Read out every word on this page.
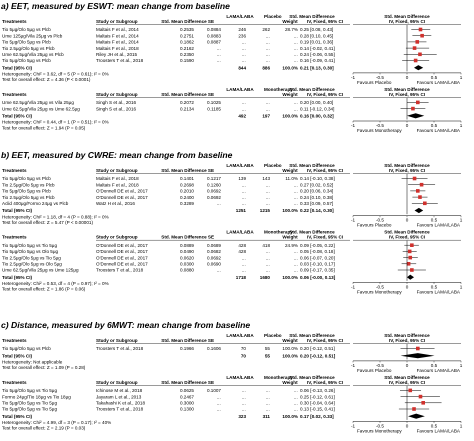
a) EET, measured by ESWT: mean change from baseline
LAMA/LABA Placebo Std. Mean Difference	Std. Mean Difference
Treatments	Study or Subgroup	Std. Mean Difference SE	Weight IV, Fixed, 95% CI	IV, Fixed, 95% CI
Tio 5μg/Olo 5μg vs Plcb	Maltais F et al., 2014	0.2535	0.0884	246	262	28.7% 0.25 [0.08, 0.43]
Ume 125μg/Vila 25μg vs Plcb	Maltais F et al., 2014	0.2751	0.0883	236	…	… 0.28 [0.10, 0.45]
Tio 5μg/Olo 5μg vs Plcb	Maltais F et al., 2014	0.1862	0.0887	…	…	… 0.19 [0.01, 0.36]
Tio 2.5μg/Olo 5μg vs Plcb	Maltais F et al., 2018	0.2162	…	…	…	… 0.14 [-0.02, 0.41]
Ume 62.5μg/Vila 25μg vs Plcb	Riley JH et al., 2015	0.2350	…	…	…	… 0.24 [-0.06, 0.55]
Tio 5μg/Olo 5μg vs Plcb	Troosters T et al., 2018	0.1590	…	…	…	… 0.16 [-0.09, 0.41]
Total (95% CI)	844	886	100.0% 0.21 [0.13, 0.30]
Heterogeneity: Chi² = 3.62, df = 5 (P = 0.61); I² = 0%
Test for overall effect: Z = 4.36 (P < 0.0001)	-1	-0.5	0	0.5	1
Favours Placebo	Favours LAMA/LABA
LAMA/LABA Monotherapy
Std. Mean Difference	Std. Mean Difference
Treatments	Study or Subgroup	Std. Mean Difference SE	Weight IV, Fixed, 95% CI	IV, Fixed, 95% CI
Ume 62.5μg/Vila 25μg vs Vila 25μg	Singh S et al., 2016	0.2072	0.1025	…	…	… 0.20 [0.00, 0.40]
Ume 62.5μg/Vila 25μg vs Ume 62.5μg	Singh S et al., 2016	0.2134	0.1185	…	…	… 0.11 [-0.12, 0.34]
Total (95% CI)	492	197	100.0% 0.16 [0.00, 0.32]
Heterogeneity: Chi² = 0.44, df = 1 (P = 0.51); I² = 0%
Test for overall effect: Z = 1.94 (P = 0.05)	-1	-0.5	0	0.5	1
Favours Monotherapy	Favours LAMA/LABA
b) EET, measured by CWRE: mean change from baseline
LAMA/LABA Placebo Std. Mean Difference	Std. Mean Difference
Treatments	Study or Subgroup	Std. Mean Difference SE	Weight IV, Fixed, 95% CI	IV, Fixed, 95% CI
Tio 5μg/Olo 5μg vs Plcb	Maltais F et al., 2018	0.1401	0.1217	139	143	11.0% 0.14 [-0.10, 0.38]
Tio 2.5μg/Olo 5μg vs Plcb	Maltais F et al., 2018	0.2698	0.1260	…	…	… 0.27 [0.02, 0.52]
Tio 5μg/Olo 5μg vs Plcb	O'Donnell DE et al., 2017	0.2010	0.0692	…	…	… 0.20 [0.06, 0.34]
Tio 2.5μg/Olo 5μg vs Plcb	O'Donnell DE et al., 2017	0.2400	0.0692	…	…	… 0.24 [0.10, 0.38]
Aclid 400μg/Formo 24μg vs Plcb	Watz H et al., 2016	0.3289	…	…	…	… 0.33 [0.09, 0.57]
Total (95% CI)	1251	1215	100.0% 0.22 [0.14, 0.30]
Heterogeneity: Chi² = 1.18, df = 4 (P = 0.88); I² = 0%
Test for overall effect: Z = 5.47 (P < 0.00001)	-1	-0.5	0	0.5	1
Favours Placebo	Favours LAMA/LABA
LAMA/LABA Monotherapy
Std. Mean Difference	Std. Mean Difference
Treatments	Study or Subgroup	Std. Mean Difference SE	Weight IV, Fixed, 95% CI	IV, Fixed, 95% CI
Tio 5μg/Olo 5μg vs Tio 5μg	O'Donnell DE et al., 2017	0.0889	0.0689	428	418	24.9% 0.09 [-0.05, 0.22]
Tio 5μg/Olo 5μg vs Olo 5μg	O'Donnell DE et al., 2017	0.0490	0.0682	428	…	… 0.05 [-0.08, 0.18]
Tio 2.5μg/Olo 5μg vs Tio 5μg	O'Donnell DE et al., 2017	0.0620	0.0692	…	…	… 0.06 [-0.07, 0.20]
Tio 2.5μg/Olo 5μg vs Olo 5μg	O'Donnell DE et al., 2017	0.0300	0.0690	…	…	… 0.03 [-0.10, 0.17]
Ume 62.5μg/Vila 25μg vs Ume 125μg	Troosters T et al., 2018	0.0880	…	…	…	… 0.09 [-0.17, 0.35]
Total (95% CI)	1718	1680	100.0% 0.06 [-0.00, 0.13]
Heterogeneity: Chi² = 0.53, df = 4 (P = 0.97); I² = 0%
Test for overall effect: Z = 1.86 (P = 0.06)	-1	-0.5	0	0.5	1
Favours Monotherapy	Favours LAMA/LABA
c) Distance, measured by 6MWT: mean change from baseline
LAMA/LABA Placebo Std. Mean Difference	Std. Mean Difference
Treatments	Study or Subgroup	Std. Mean Difference SE	Weight IV, Fixed, 95% CI	IV, Fixed, 95% CI
Tio 5μg/Olo 5μg vs Plcb	Troosters T et al., 2018	0.1966	0.1606	70	55	100.0% 0.20 [-0.12, 0.51]
Total (95% CI)	70	55	100.0% 0.20 [-0.12, 0.51]
Heterogeneity: Not applicable
Test for overall effect: Z = 1.09 (P = 0.28)	-1	-0.5	0	0.5	1
Favours Placebo	Favours LAMA/LABA
LAMA/LABA Monotherapy
Std. Mean Difference	Std. Mean Difference
Treatments	Study or Subgroup	Std. Mean Difference SE	Weight IV, Fixed, 95% CI	IV, Fixed, 95% CI
Tio 5μg/Olo 5μg vs Tio 5μg	Ichinose M et al., 2018	0.0625	0.1007	…	…	… 0.06 [-0.13, 0.26]
Formo 24μg/Tio 18μg vs Tio 18μg	Jayaram L et al., 2013	0.2467	…	…	…	… 0.25 [-0.12, 0.61]
Tio 5μg/Olo 5μg vs Tio 5μg	Takahashi K et al., 2018	0.3000	…	…	…	… 0.30 [-0.04, 0.64]
Tio 5μg/Olo 5μg vs Tio 5μg	Troosters T et al., 2018	0.1300	…	…	…	… 0.13 [-0.15, 0.41]
Total (95% CI)	323	311	100.0% 0.17 [0.02, 0.33]
Heterogeneity: Chi² = 4.99, df = 3 (P = 0.17); I² = 40%
Test for overall effect: Z = 2.19 (P = 0.03)	-1	-0.5	0	0.5	1
Favours Monotherapy	Favours LAMA/LABA
